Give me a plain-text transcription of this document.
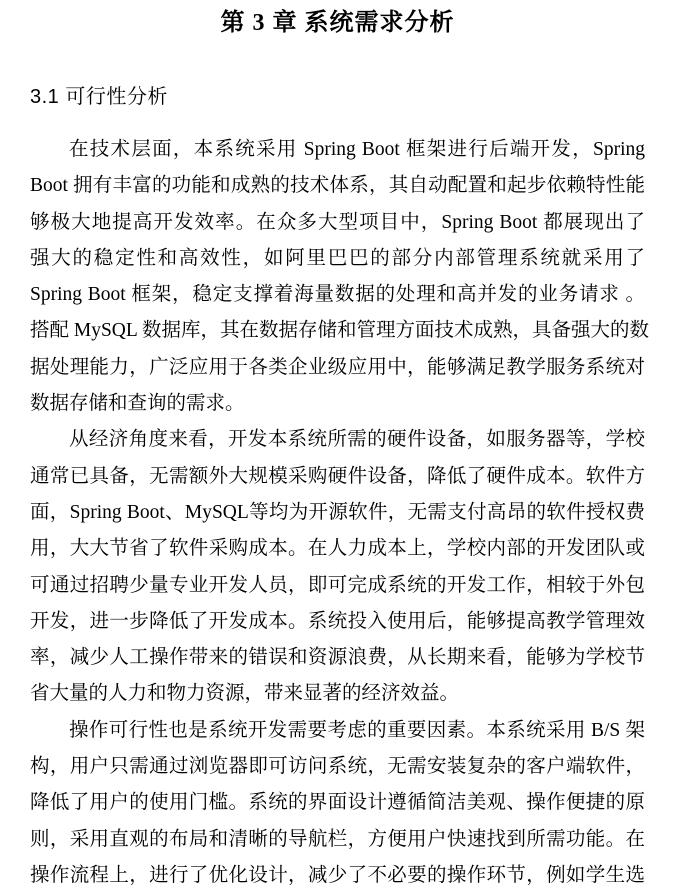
第 3 章 系统需求分析
3.1 可行性分析
在技术层面，本系统采用 Spring Boot 框架进行后端开发，Spring
Boot 拥有丰富的功能和成熟的技术体系，其自动配置和起步依赖特性能
够极大地提高开发效率。在众多大型项目中，Spring Boot 都展现出了
强大的稳定性和高效性，如阿里巴巴的部分内部管理系统就采用了
Spring Boot 框架，稳定支撑着海量数据的处理和高并发的业务请求 。
搭配 MySQL 数据库，其在数据存储和管理方面技术成熟，具备强大的数
据处理能力，广泛应用于各类企业级应用中，能够满足教学服务系统对
数据存储和查询的需求。
从经济角度来看，开发本系统所需的硬件设备，如服务器等，学校
通常已具备，无需额外大规模采购硬件设备，降低了硬件成本。软件方
面，Spring Boot、MySQL等均为开源软件，无需支付高昂的软件授权费
用，大大节省了软件采购成本。在人力成本上，学校内部的开发团队或
可通过招聘少量专业开发人员，即可完成系统的开发工作，相较于外包
开发，进一步降低了开发成本。系统投入使用后，能够提高教学管理效
率，减少人工操作带来的错误和资源浪费，从长期来看，能够为学校节
省大量的人力和物力资源，带来显著的经济效益。
操作可行性也是系统开发需要考虑的重要因素。本系统采用 B/S 架
构，用户只需通过浏览器即可访问系统，无需安装复杂的客户端软件，
降低了用户的使用门槛。系统的界面设计遵循简洁美观、操作便捷的原
则，采用直观的布局和清晰的导航栏，方便用户快速找到所需功能。在
操作流程上，进行了优化设计，减少了不必要的操作环节，例如学生选
